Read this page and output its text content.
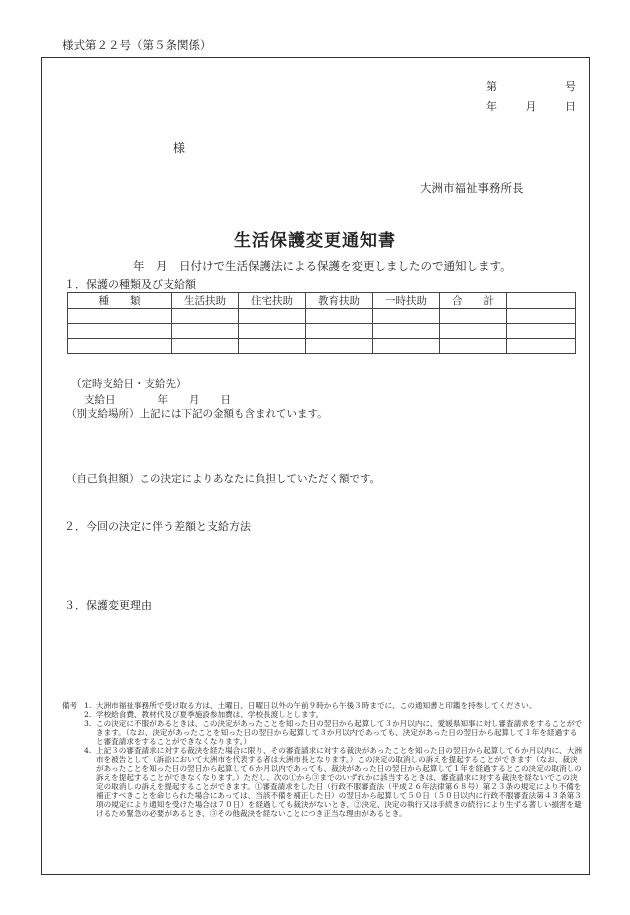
様式第２２号（第５条関係）
第	号
年	月	日
様
大洲市福祉事務所長
生活保護変更通知書
年　月　日付けで生活保護法による保護を変更しましたので通知します。
１．保護の種類及び支給額
種　　類	生活扶助	住宅扶助	教育扶助	一時扶助	合　　計	

（定時支給日・支給先）
支給日　　　　年　　月　　日
（別支給場所）上記には下記の金額も含まれています。
（自己負担額）この決定によりあなたに負担していただく額です。
２．今回の決定に伴う差額と支給方法
３．保護変更理由
備考 1. 大洲市福祉事務所で受け取る方は、土曜日、日曜日以外の午前９時から午後３時までに、この通知書と印鑑を持参してください。
2. 学校給食費、教材代及び夏季施設参加費は、学校長渡しとします。
3. この決定に不服があるときは、この決定があったことを知った日の翌日から起算して３か月以内に、愛媛県知事に対し審査請求をすることができます。（なお、決定があったことを知った日の翌日から起算して３か月以内であっても、決定があった日の翌日から起算して１年を経過すると審査請求をすることができなくなります。）
4. 上記３の審査請求に対する裁決を経た場合に限り、その審査請求に対する裁決があったことを知った日の翌日から起算して６か月以内に、大洲市を被告として（訴訟において大洲市を代表する者は大洲市長となります。）この決定の取消しの訴えを提起することができます（なお、裁決があったことを知った日の翌日から起算して６か月以内であっても、裁決があった日の翌日から起算して１年を経過するとこの決定の取消しの訴えを提起することができなくなります。）ただし、次の①から③までのいずれかに該当するときは、審査請求に対する裁決を経ないでこの決定の取消しの訴えを提起することができます。①審査請求をした日（行政不服審査法（平成２６年法律第６８号）第２３条の規定により不備を補正すべきことを命じられた場合にあっては、当該不備を補正した日）の翌日から起算して５０日（５０日以内に行政不服審査法第４３条第３項の規定により通知を受けた場合は７０日）を経過しても裁決がないとき、②決定、決定の執行又は手続きの続行により生ずる著しい損害を避けるため緊急の必要があるとき、③その他裁決を経ないことにつき正当な理由があるとき。
